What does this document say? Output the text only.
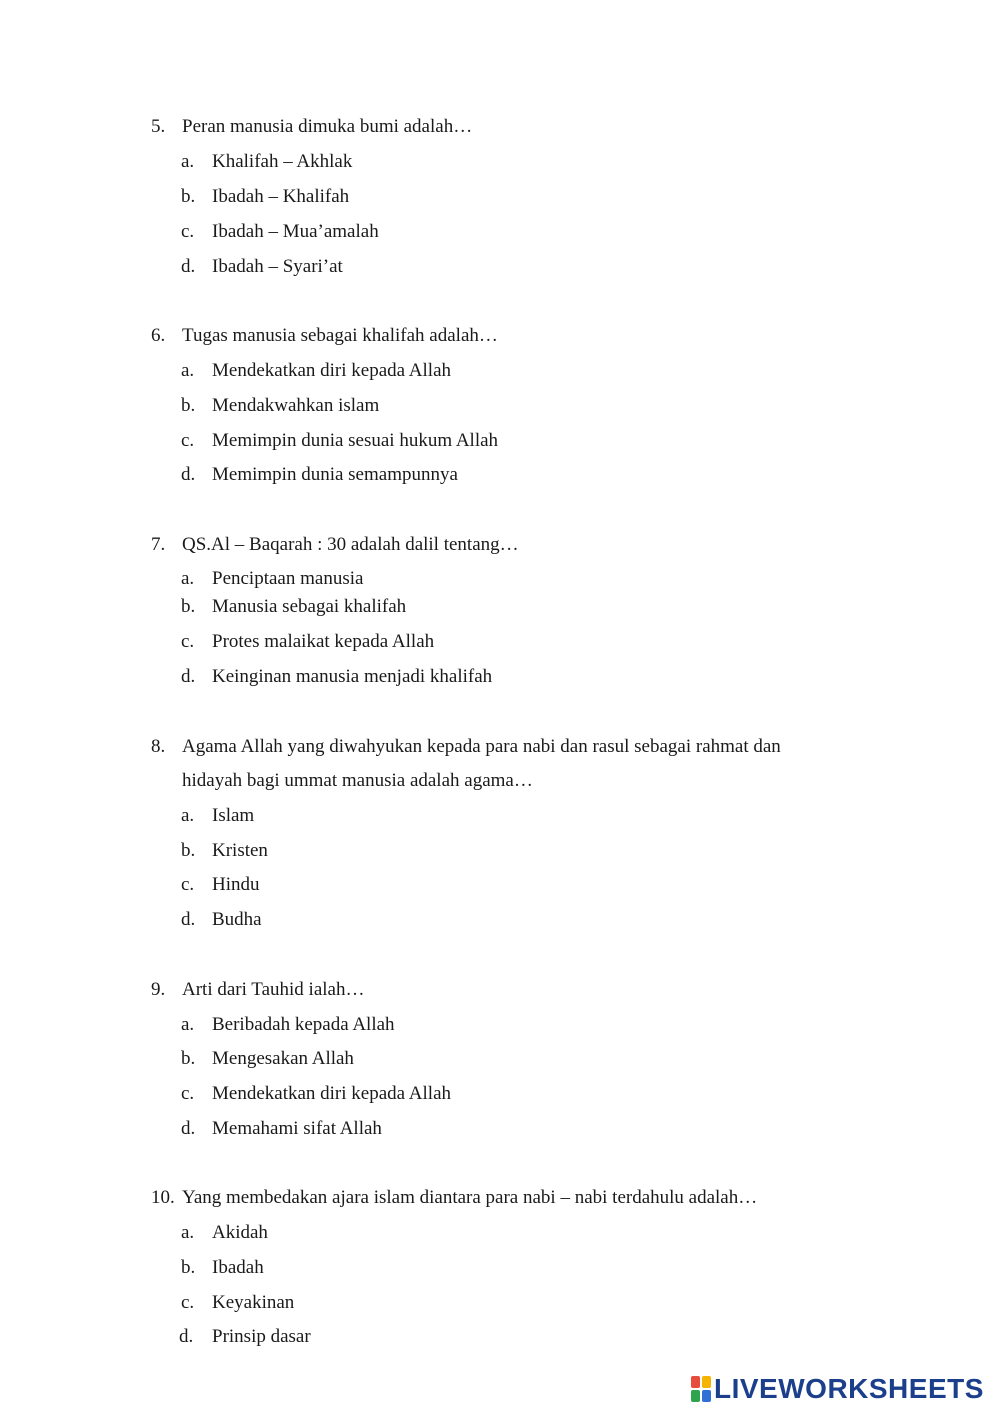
5. Peran manusia dimuka bumi adalah…
a. Khalifah – Akhlak
b. Ibadah – Khalifah
c. Ibadah – Mua’amalah
d. Ibadah – Syari’at
6. Tugas manusia sebagai khalifah adalah…
a. Mendekatkan diri kepada Allah
b. Mendakwahkan islam
c. Memimpin dunia sesuai hukum Allah
d. Memimpin dunia semampunnya
7. QS.Al – Baqarah : 30 adalah dalil tentang…
a. Penciptaan manusia
b. Manusia sebagai khalifah
c. Protes malaikat kepada Allah
d. Keinginan manusia menjadi khalifah
8. Agama Allah yang diwahyukan kepada para nabi dan rasul sebagai rahmat dan
hidayah bagi ummat manusia adalah agama…
a. Islam
b. Kristen
c. Hindu
d. Budha
9. Arti dari Tauhid ialah…
a. Beribadah kepada Allah
b. Mengesakan Allah
c. Mendekatkan diri kepada Allah
d. Memahami sifat Allah
10. Yang membedakan ajara islam diantara para nabi – nabi terdahulu adalah…
a. Akidah
b. Ibadah
c. Keyakinan
d. Prinsip dasar
LIVEWORKSHEETS
